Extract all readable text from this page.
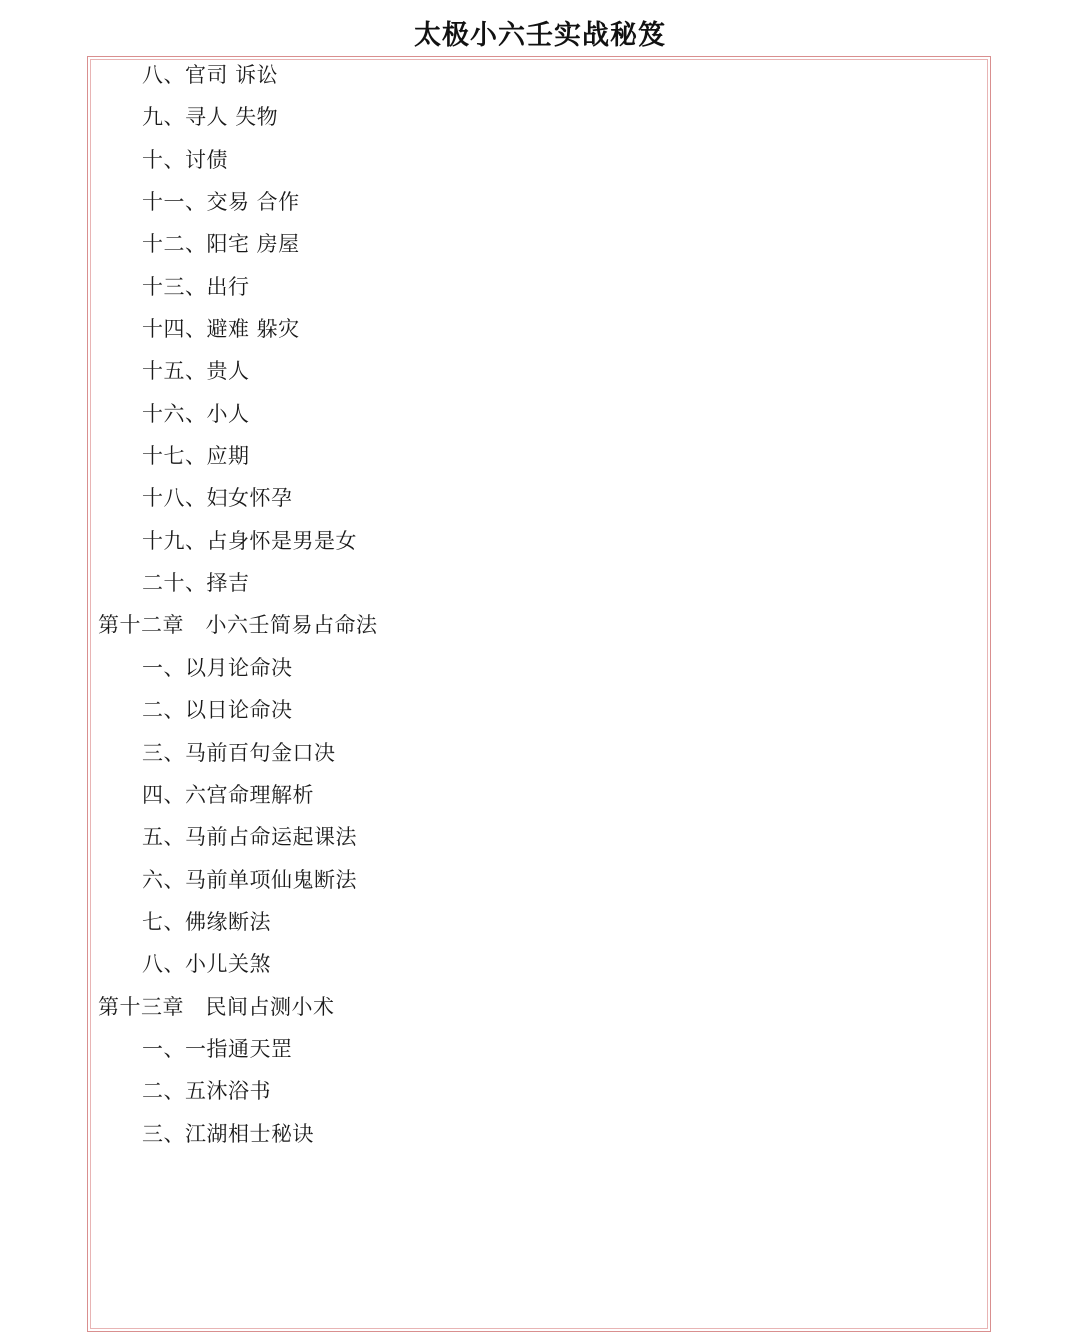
太极小六壬实战秘笈
八、官司 诉讼
九、寻人 失物
十、讨债
十一、交易 合作
十二、阳宅 房屋
十三、出行
十四、避难 躲灾
十五、贵人
十六、小人
十七、应期
十八、妇女怀孕
十九、占身怀是男是女
二十、择吉
第十二章　小六壬简易占命法
一、以月论命决
二、以日论命决
三、马前百句金口决
四、六宫命理解析
五、马前占命运起课法
六、马前单项仙鬼断法
七、佛缘断法
八、小儿关煞
第十三章　民间占测小术
一、一指通天罡
二、五沐浴书
三、江湖相士秘诀
